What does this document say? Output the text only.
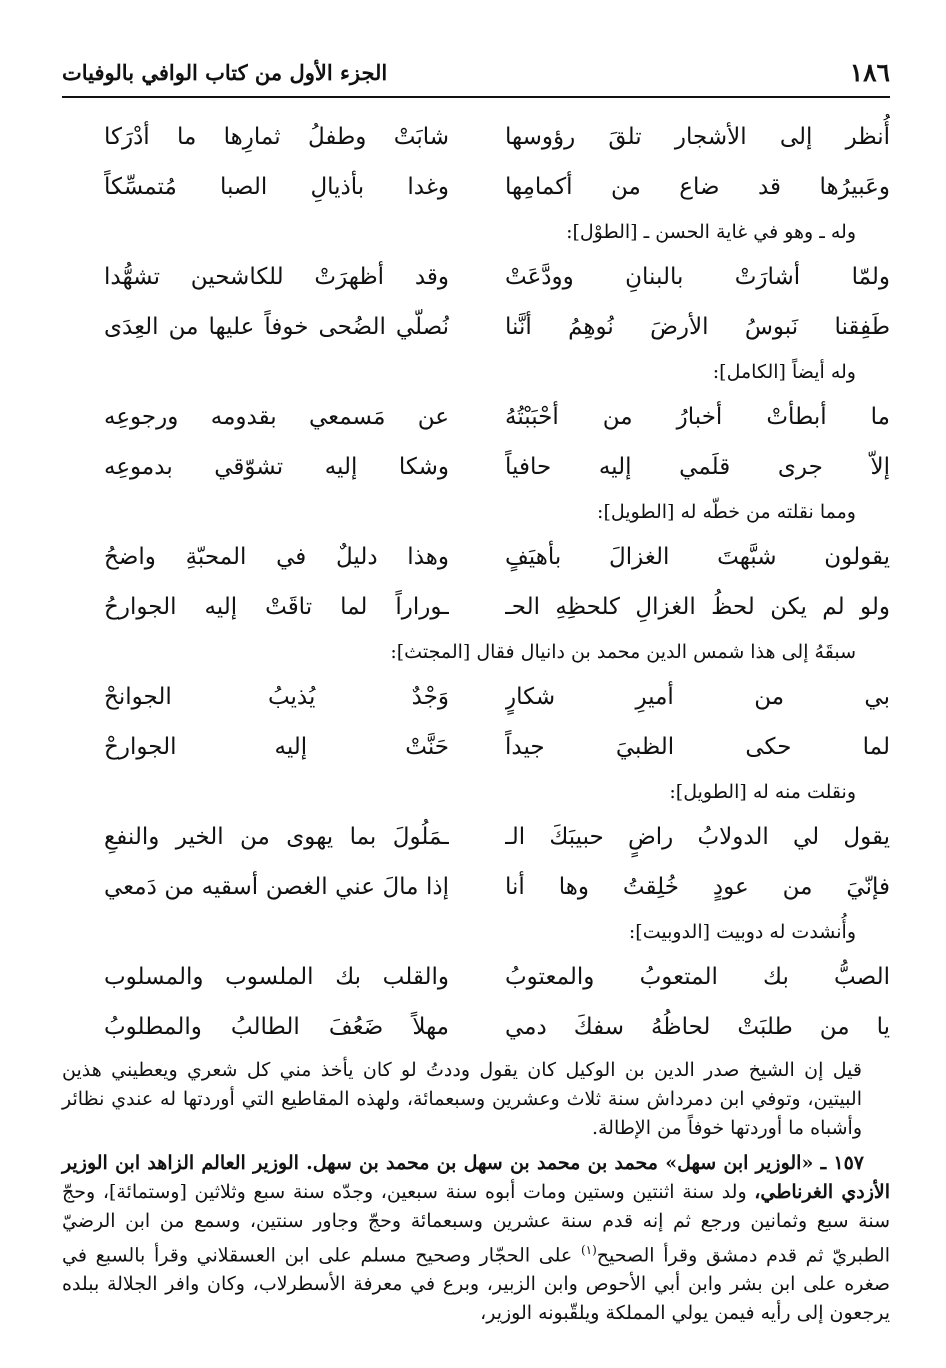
١٨٦
الجزء الأول من كتاب الوافي بالوفيات
أُنظر إلى الأشجار تلقَ رؤوسها
شابَتْ وطفلُ ثمارِها ما أدْرَكا
وعَبيرُها قد ضاع من أكمامِها
وغدا بأذيالِ الصبا مُتمسِّكاً
وله ـ وهو في غاية الحسن ـ [الطوْل]:
ولمّا أشارَتْ بالبنانِ وودَّعَتْ
وقد أظهرَتْ للكاشحين تشهُّدا
طَفِقنا نَبوسُ الأرضَ نُوهِمُ أنَّنا
نُصلّي الضُحى خوفاً عليها من العِدَى
وله أيضاً [الكامل]:
ما أبطأتْ أخبارُ من أحْبَبْتُهُ
عن مَسمعي بقدومه ورجوعِه
إلاّ جرى قلَمي إليه حافياً
وشكا إليه تشوّقي بدموعِه
ومما نقلته من خطّه له [الطويل]:
يقولون شبَّهتَ الغزالَ بأهيَفٍ
وهذا دليلٌ في المحبّةِ واضحُ
ولو لم يكن لحظُ الغزالِ كلحظِهِ الحـ
ـوراراً لما تاقَتْ إليه الجوارحُ
سبقَهُ إلى هذا شمس الدين محمد بن دانيال فقال [المجتث]:
بي من أميرِ شكارٍ
وَجْدٌ يُذيبُ الجوانحْ
لما حكى الظبيَ جيداً
حَنَّتْ إليه الجوارحْ
ونقلت منه له [الطويل]:
يقول لي الدولابُ راضٍ حبيبَكَ الـ
ـمَلُولَ بما يهوى من الخير والنفعِ
فإنّيَ من عودٍ خُلِقتُ وها أنا
إذا مالَ عني الغصن أسقيه من دَمعي
وأُنشدت له دوبيت [الدوبيت]:
الصبُّ بك المتعوبُ والمعتوبُ
والقلب بك الملسوب والمسلوب
يا من طلبَتْ لحاظُهُ سفكَ دمي
مهلاً ضَعُفَ الطالبُ والمطلوبُ

قيل إن الشيخ صدر الدين بن الوكيل كان يقول وددتُ لو كان يأخذ مني كل شعري ويعطيني هذين البيتين، وتوفي ابن دمرداش سنة ثلاث وعشرين وسبعمائة، ولهذه المقاطيع التي أوردتها له عندي نظائر وأشباه ما أوردتها خوفاً من الإطالة.

١٥٧ ـ «الوزير ابن سهل» محمد بن محمد بن سهل بن محمد بن سهل. الوزير العالم الزاهد ابن الوزير الأزدي الغرناطي، ولد سنة اثنتين وستين ومات أبوه سنة سبعين، وجدّه سنة سبع وثلاثين [وستمائة]، وحجّ سنة سبع وثمانين ورجع ثم إنه قدم سنة عشرين وسبعمائة وحجّ وجاور سنتين، وسمع من ابن الرضيّ الطبريّ ثم قدم دمشق وقرأ الصحيح$^{(١)}$ على الحجّار وصحيح مسلم على ابن العسقلاني وقرأ بالسبع في صغره على ابن بشر وابن أبي الأحوص وابن الزبير، وبرع في معرفة الأسطرلاب، وكان وافر الجلالة ببلده يرجعون إلى رأيه فيمن يولي المملكة ويلقّبونه الوزير،
